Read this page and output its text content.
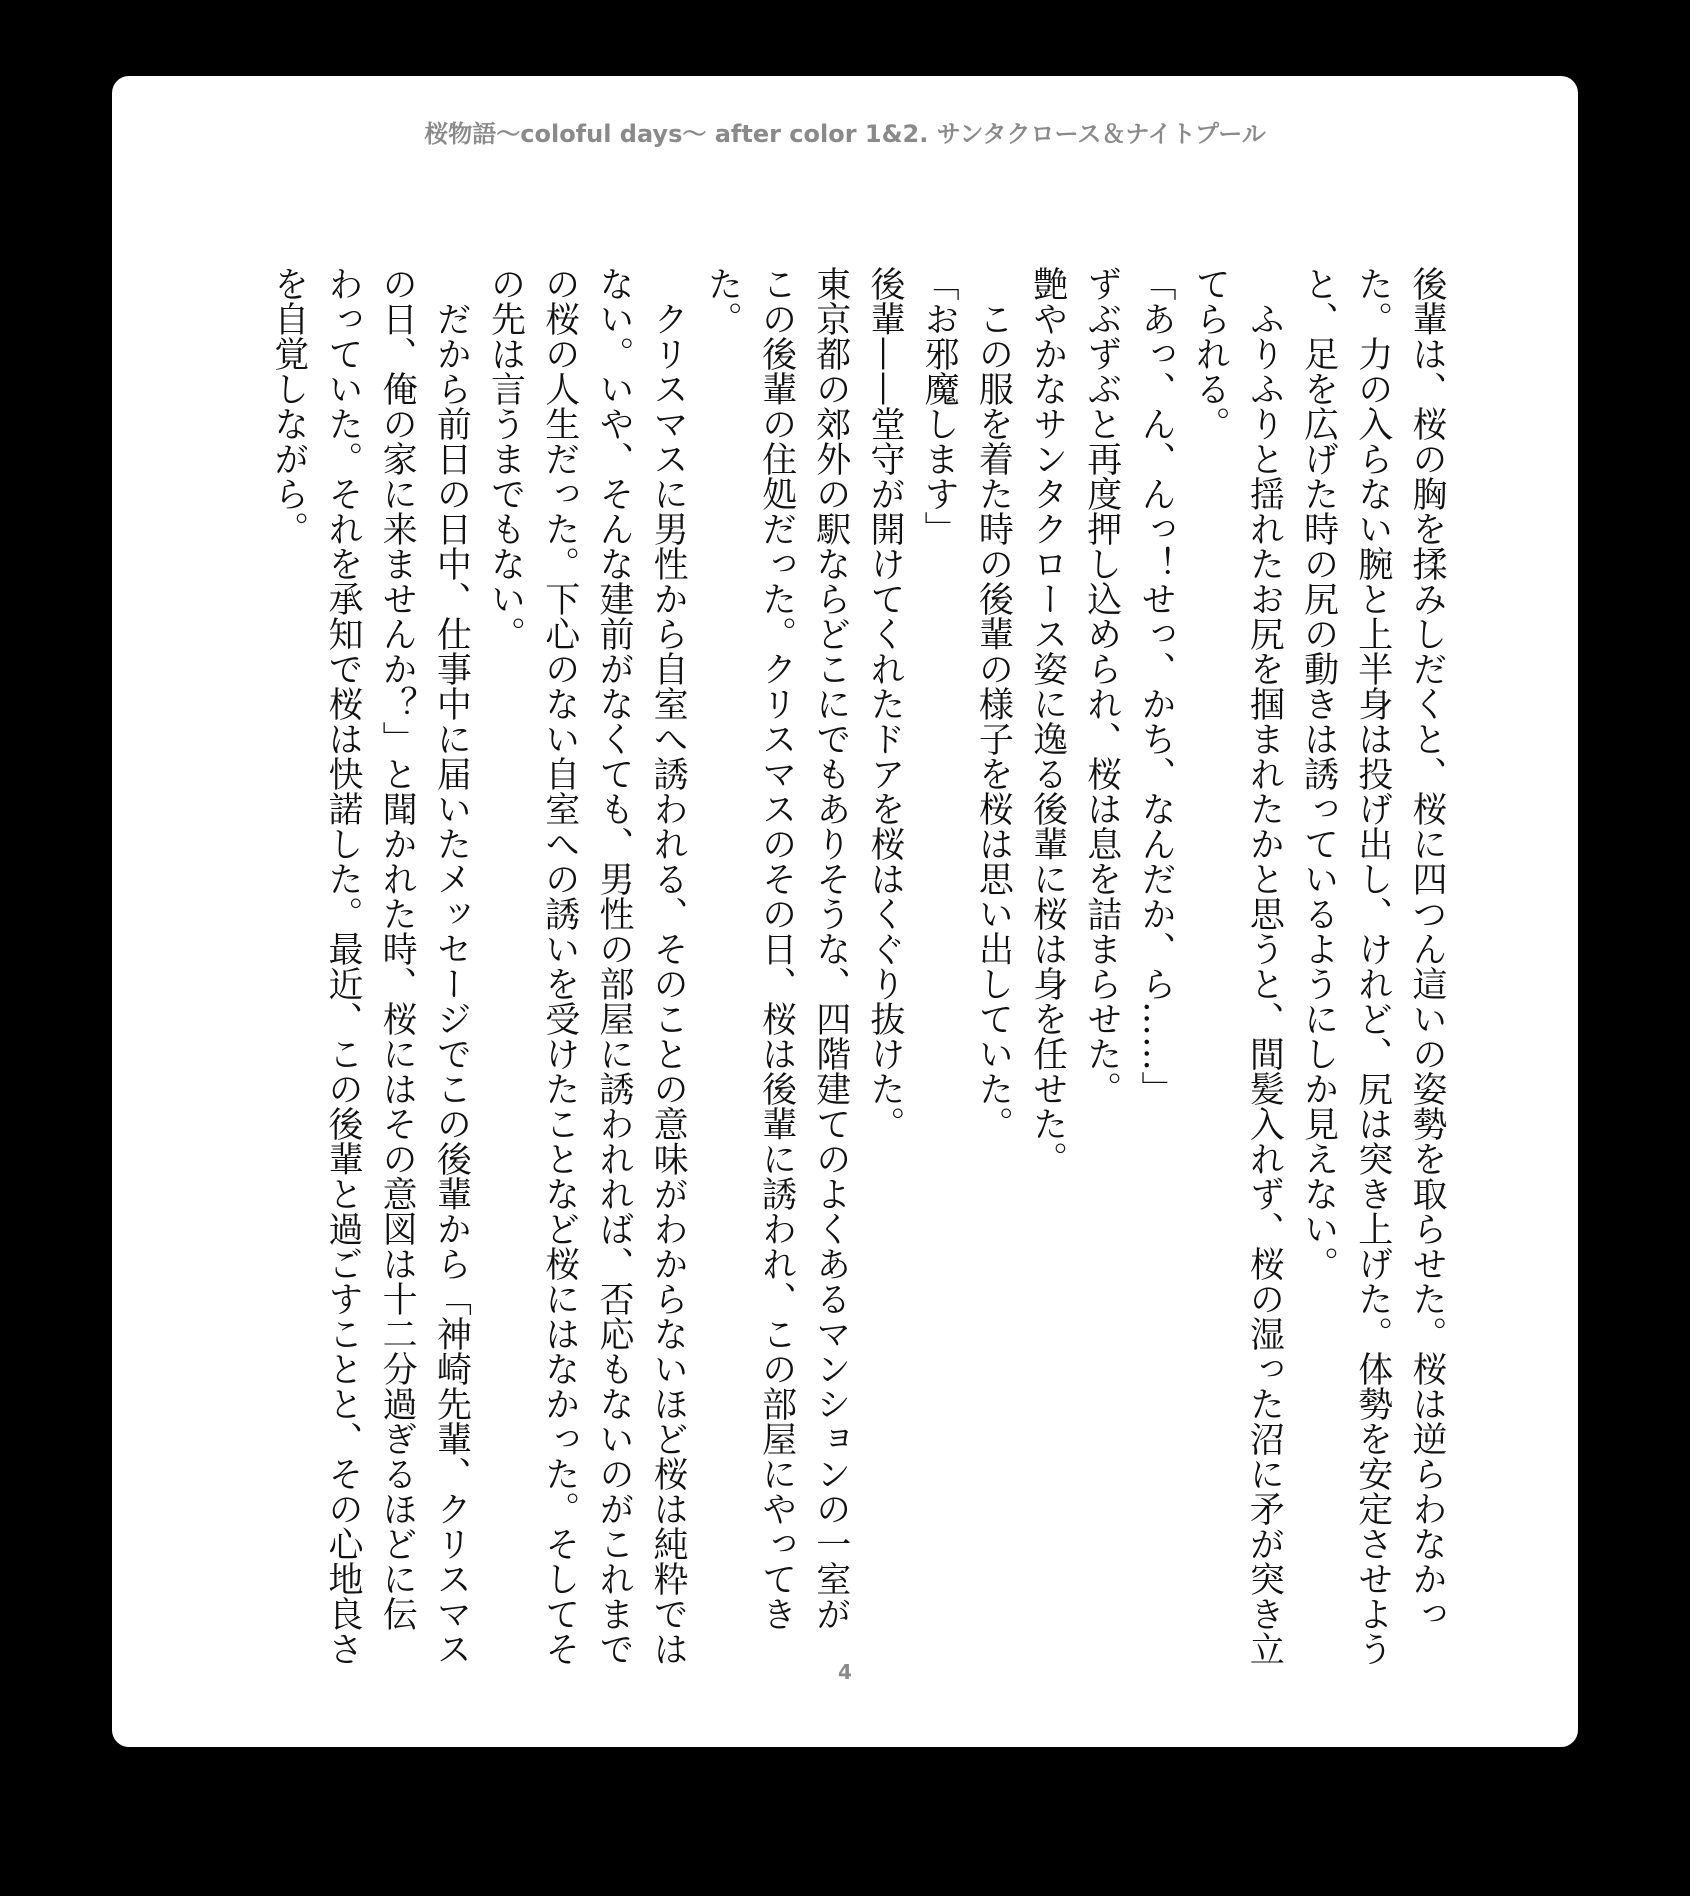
桜物語〜coloful days〜 after color 1&2. サンタクロース＆ナイトプール
後輩は、桜の胸を揉みしだくと、桜に四つん這いの姿勢を取らせた。桜は逆らわなかっ
た。力の入らない腕と上半身は投げ出し、けれど、尻は突き上げた。体勢を安定させよう
と、足を広げた時の尻の動きは誘っているようにしか見えない。
　ふりふりと揺れたお尻を掴まれたかと思うと、間髪入れず、桜の湿った沼に矛が突き立
てられる。
「あっ、ん、んっ！せっ、かち、なんだか、ら……」
ずぶずぶと再度押し込められ、桜は息を詰まらせた。
艶やかなサンタクロース姿に逸る後輩に桜は身を任せた。
　この服を着た時の後輩の様子を桜は思い出していた。
「お邪魔します」
後輩——堂守が開けてくれたドアを桜はくぐり抜けた。
東京都の郊外の駅ならどこにでもありそうな、四階建てのよくあるマンションの一室が
この後輩の住処だった。クリスマスのその日、桜は後輩に誘われ、この部屋にやってき
た。
　クリスマスに男性から自室へ誘われる、そのことの意味がわからないほど桜は純粋では
ない。いや、そんな建前がなくても、男性の部屋に誘われれば、否応もないのがこれまで
の桜の人生だった。下心のない自室への誘いを受けたことなど桜にはなかった。そしてそ
の先は言うまでもない。
　だから前日の日中、仕事中に届いたメッセージでこの後輩から「神崎先輩、クリスマス
の日、俺の家に来ませんか？」と聞かれた時、桜にはその意図は十二分過ぎるほどに伝
わっていた。それを承知で桜は快諾した。最近、この後輩と過ごすことと、その心地良さ
を自覚しながら。
4
